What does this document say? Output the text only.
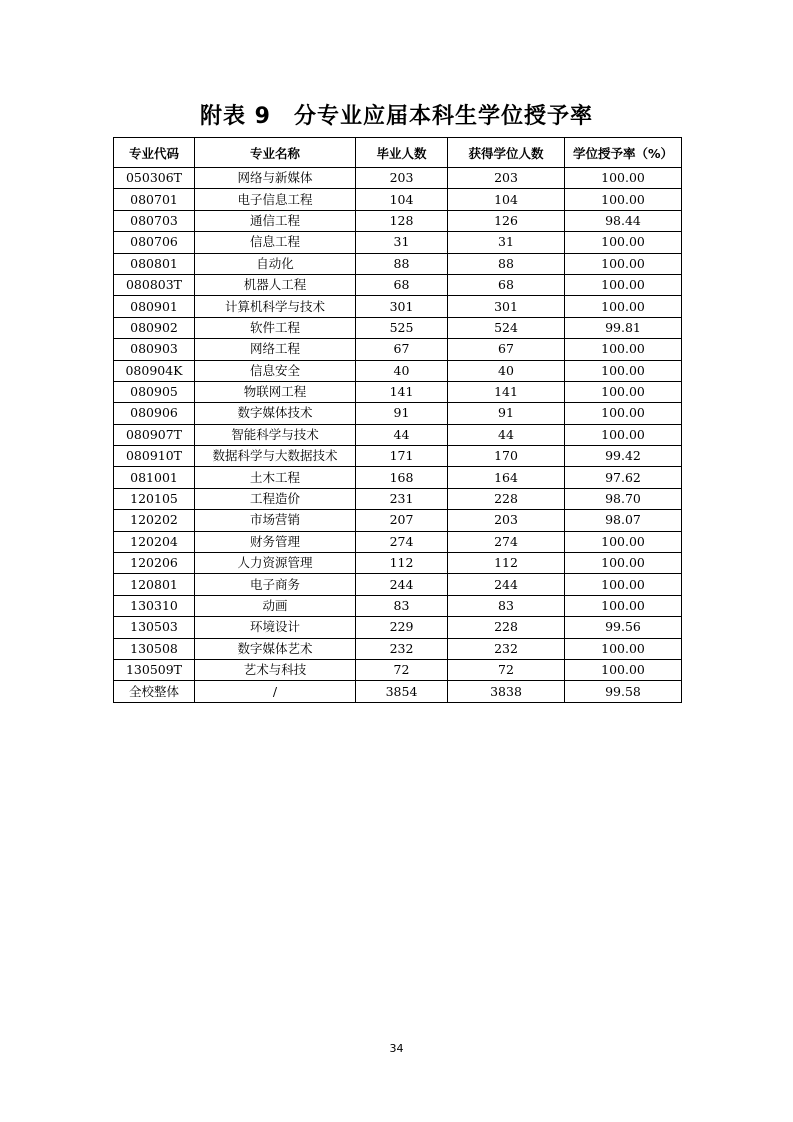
附表 9　分专业应届本科生学位授予率
专业代码	专业名称	毕业人数	获得学位人数	学位授予率（%）
050306T	网络与新媒体	203	203	100.00
080701	电子信息工程	104	104	100.00
080703	通信工程	128	126	98.44
080706	信息工程	31	31	100.00
080801	自动化	88	88	100.00
080803T	机器人工程	68	68	100.00
080901	计算机科学与技术	301	301	100.00
080902	软件工程	525	524	99.81
080903	网络工程	67	67	100.00
080904K	信息安全	40	40	100.00
080905	物联网工程	141	141	100.00
080906	数字媒体技术	91	91	100.00
080907T	智能科学与技术	44	44	100.00
080910T	数据科学与大数据技术	171	170	99.42
081001	土木工程	168	164	97.62
120105	工程造价	231	228	98.70
120202	市场营销	207	203	98.07
120204	财务管理	274	274	100.00
120206	人力资源管理	112	112	100.00
120801	电子商务	244	244	100.00
130310	动画	83	83	100.00
130503	环境设计	229	228	99.56
130508	数字媒体艺术	232	232	100.00
130509T	艺术与科技	72	72	100.00
全校整体	/	3854	3838	99.58
34
